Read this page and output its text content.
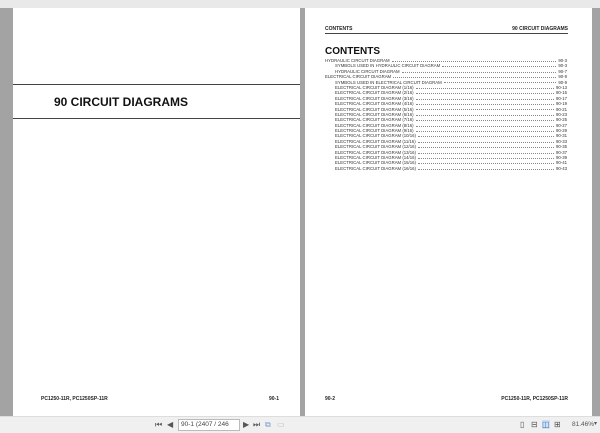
90 CIRCUIT DIAGRAMS
PC1250-11R, PC1250SP-11R	90-1
CONTENTS	90 CIRCUIT DIAGRAMS
CONTENTS
HYDRAULIC CIRCUIT DIAGRAM	90-3
SYMBOLS USED IN HYDRAULIC CIRCUIT DIAGRAM	90-3
HYDRAULIC CIRCUIT DIAGRAM	90-7
ELECTRICAL CIRCUIT DIAGRAM	90-9
SYMBOLS USED IN ELECTRICAL CIRCUIT DIAGRAM	90-9
ELECTRICAL CIRCUIT DIAGRAM (1/16)	90-13
ELECTRICAL CIRCUIT DIAGRAM (2/16)	90-15
ELECTRICAL CIRCUIT DIAGRAM (3/16)	90-17
ELECTRICAL CIRCUIT DIAGRAM (4/16)	90-19
ELECTRICAL CIRCUIT DIAGRAM (5/16)	90-21
ELECTRICAL CIRCUIT DIAGRAM (6/16)	90-23
ELECTRICAL CIRCUIT DIAGRAM (7/16)	90-25
ELECTRICAL CIRCUIT DIAGRAM (8/16)	90-27
ELECTRICAL CIRCUIT DIAGRAM (9/16)	90-29
ELECTRICAL CIRCUIT DIAGRAM (10/16)	90-31
ELECTRICAL CIRCUIT DIAGRAM (11/16)	90-33
ELECTRICAL CIRCUIT DIAGRAM (12/16)	90-35
ELECTRICAL CIRCUIT DIAGRAM (13/16)	90-37
ELECTRICAL CIRCUIT DIAGRAM (14/16)	90-39
ELECTRICAL CIRCUIT DIAGRAM (15/16)	90-41
ELECTRICAL CIRCUIT DIAGRAM (16/16)	90-43
90-2	PC1250-11R, PC1250SP-11R
⏮ ◀	90-1 (2407 / 246	▶ ⏭ ⧉ ▭	▯ ⊟ ◫ ⊞ 81.46% ▾
